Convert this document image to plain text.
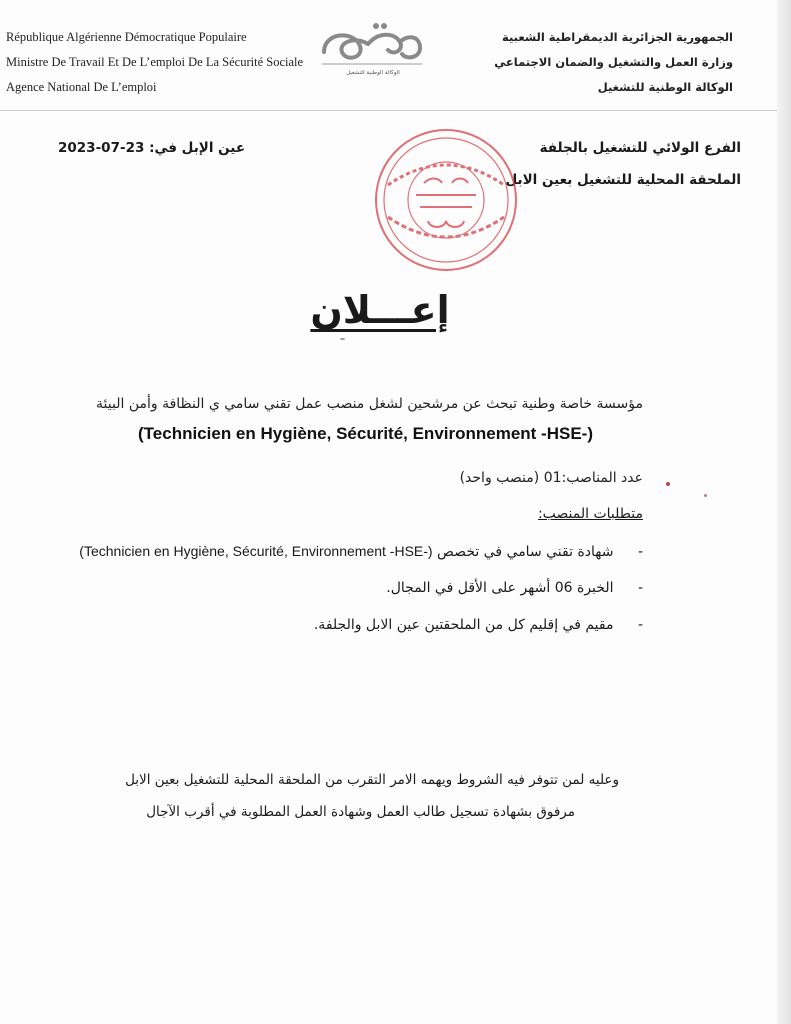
République Algérienne Démocratique Populaire
Ministre De Travail Et De L’emploi De La Sécurité Sociale
Agence National De L’emploi
الجمهورية الجزائرية الديمقراطية الشعبية
وزارة العمل والتشغيل والضمان الاجتماعي
الوكالة الوطنية للتشغيل
الوكالة الوطنية للتشغيل
الفرع الولائي للتشغيل بالجلفة
الملحقة المحلية للتشغيل بعين الابل
عين الإبل في: 2023-07-23
إعـــلان
مؤسسة خاصة وطنية تبحث عن مرشحين لشغل منصب عمل تقني سامي ي النظافة وأمن البيئة
(Technicien en Hygiène, Sécurité, Environnement -HSE-)
عدد المناصب:01 (منصب واحد)
متطلبات المنصب:
- شهادة تقني سامي في تخصص (Technicien en Hygiène, Sécurité, Environnement -HSE-)
- الخبرة 06 أشهر على الأقل في المجال.
- مقيم في إقليم كل من الملحقتين عين الابل والجلفة.
وعليه لمن تتوفر فيه الشروط ويهمه الامر التقرب من الملحقة المحلية للتشغيل بعين الابل
مرفوق بشهادة تسجيل طالب العمل وشهادة العمل المطلوبة في أقرب الآجال
